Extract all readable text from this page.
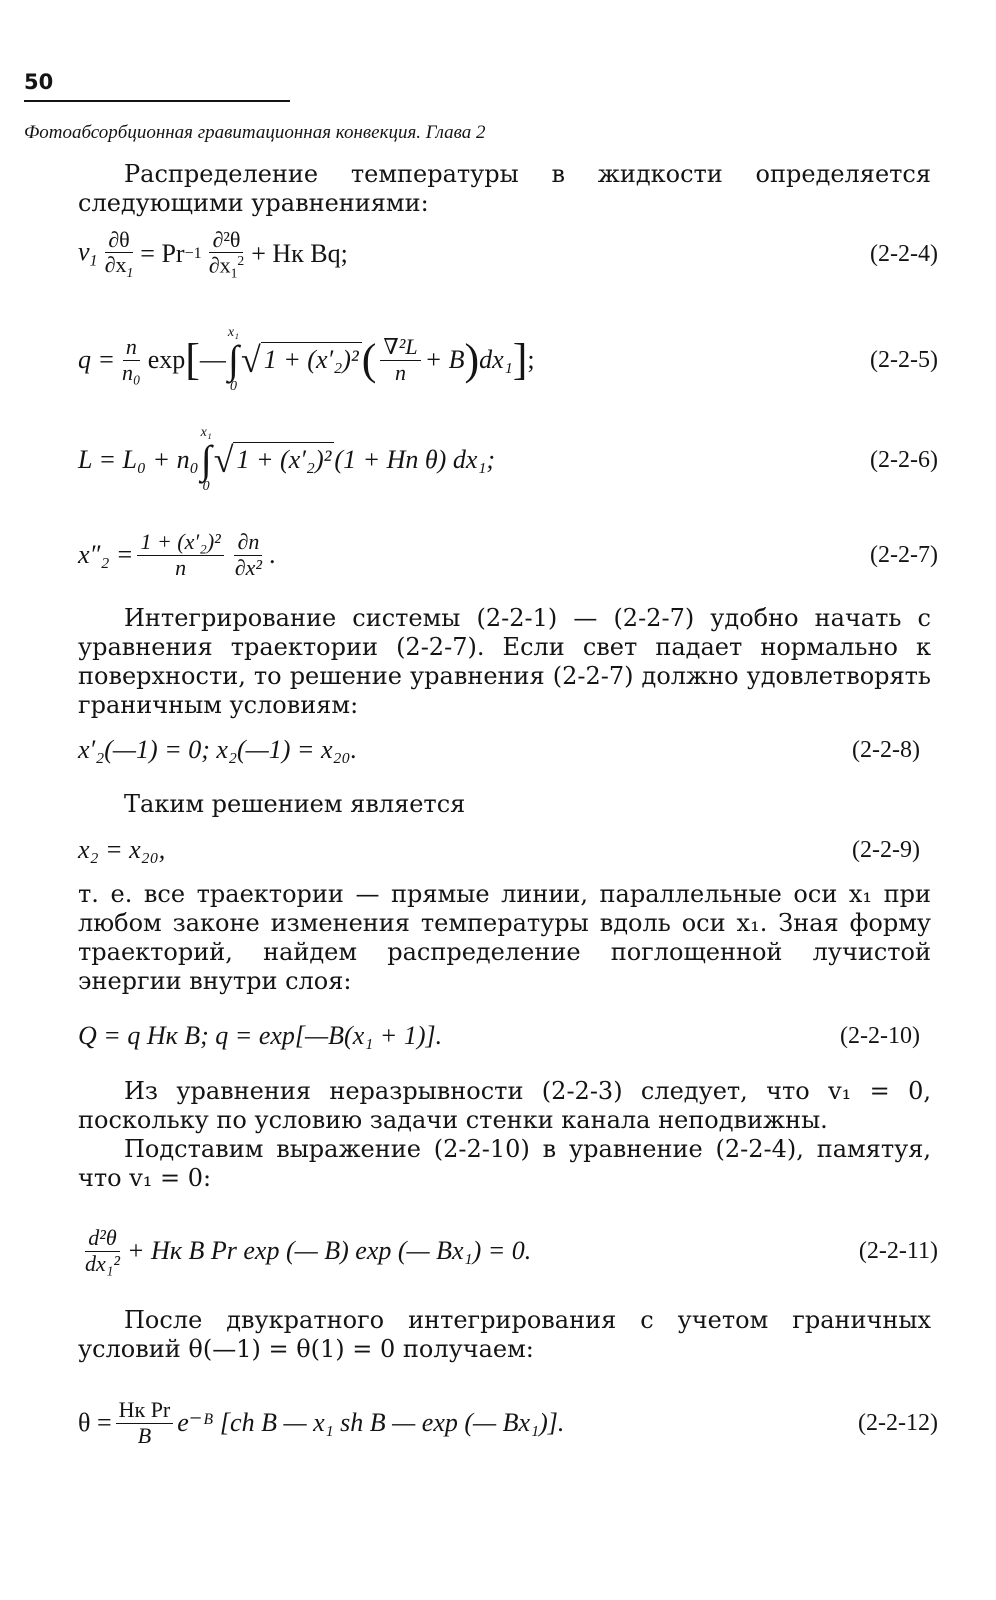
50
Фотоабсорбционная гравитационная конвекция. Глава 2
Распределение температуры в жидкости определяется следующими уравнениями:
$v_1 \frac{\partial\theta}{\partial x_1} = Pr -1 \frac{\text{∂²θ}}{\partial x_1^2}$ + Нк Bq;	(2-2-4)
$q = \frac{n}{\text{n₀}}$ exp [ —
x₁
∫
0
√ 1 + (x′₂)² ( $\frac{\text{∇²L}}{n} + B$ ) dx₁ ] ;	(2-2-5)
L = L₀ + n₀
x₁
∫
0
√ 1 + (x′₂)² (1 + Нп θ) dx₁;	(2-2-6)
$x''_2 = \frac{\text{1 + (x′₂)²}}{n} \frac{\partial n}{\text{∂x²}}$ .	(2-2-7)
Интегрирование системы (2-2-1) — (2-2-7) удобно начать с уравнения траектории (2-2-7). Если свет падает нормально к поверхности, то решение уравнения (2-2-7) должно удовлетворять граничным условиям:
x′₂(—1) = 0; x₂(—1) = x₂₀.	(2-2-8)
Таким решением является
x₂ = x₂₀,	(2-2-9)
т. е. все траектории — прямые линии, параллельные оси x₁ при любом законе изменения температуры вдоль оси x₁. Зная форму траекторий, найдем распределение поглощенной лучистой энергии внутри слоя:
Q = q Нк B; q = exp[—B(x₁ + 1)].	(2-2-10)
Из уравнения неразрывности (2-2-3) следует, что v₁ = 0, поскольку по условию задачи стенки канала неподвижны.
Подставим выражение (2-2-10) в уравнение (2-2-4), памятуя, что v₁ = 0:
$\frac{\text{d²θ}}{\text{dx₁²}}$ + Нк B Pr exp (— B) exp (— Bx₁) = 0.	(2-2-11)
После двукратного интегрирования с учетом граничных условий θ(—1) = θ(1) = 0 получаем:
$\theta = \frac{\text{Нк Pr}}{B}$ e⁻ᴮ [ch B — x₁ sh B — exp (— Bx₁)].	(2-2-12)
